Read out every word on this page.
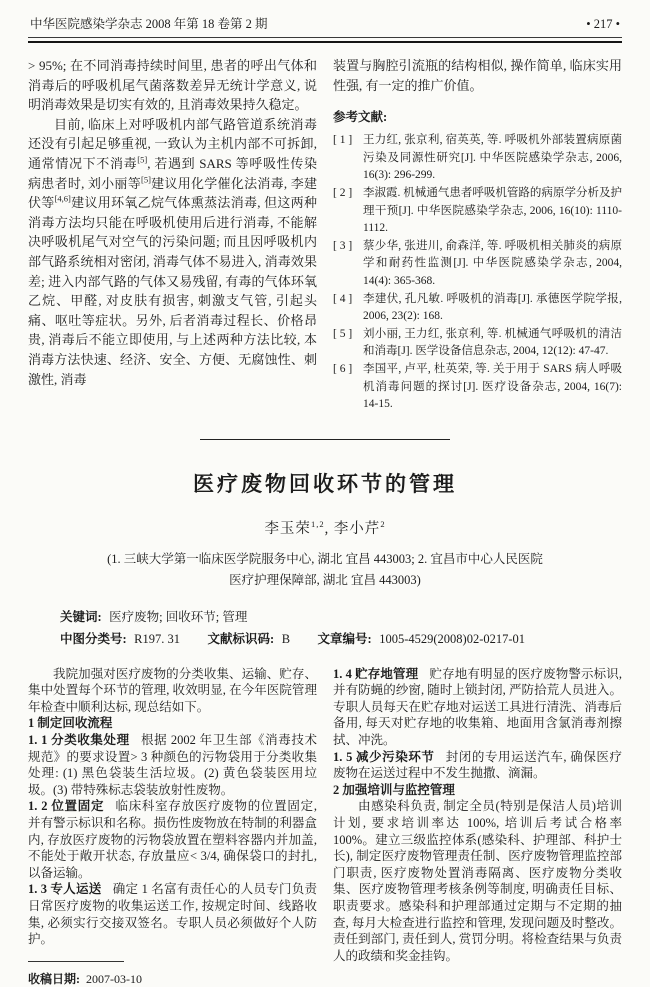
中华医院感染学杂志 2008 年第 18 卷第 2 期	• 217 •

> 95%; 在不同消毒持续时间里, 患者的呼出气体和消毒后的呼吸机尾气菌落数差异无统计学意义, 说明消毒效果是切实有效的, 且消毒效果持久稳定。

目前, 临床上对呼吸机内部气路管道系统消毒还没有引起足够重视, 一致认为主机内部不可拆卸, 通常情况下不消毒[5], 若遇到 SARS 等呼吸性传染病患者时, 刘小丽等[5]建议用化学催化法消毒, 李建伏等[4,6]建议用环氧乙烷气体熏蒸法消毒, 但这两种消毒方法均只能在呼吸机使用后进行消毒, 不能解决呼吸机尾气对空气的污染问题; 而且因呼吸机内部气路系统相对密闭, 消毒气体不易进入, 消毒效果差; 进入内部气路的气体又易残留, 有毒的气体环氧乙烷、甲醛, 对皮肤有损害, 刺激支气管, 引起头痛、呕吐等症状。另外, 后者消毒过程长、价格昂贵, 消毒后不能立即使用, 与上述两种方法比较, 本消毒方法快速、经济、安全、方便、无腐蚀性、刺激性, 消毒

装置与胸腔引流瓶的结构相似, 操作简单, 临床实用性强, 有一定的推广价值。

参考文献:
[ 1 ] 王力红, 张京利, 宿英英, 等. 呼吸机外部装置病原菌污染及同源性研究[J]. 中华医院感染学杂志, 2006, 16(3): 296-299.
[ 2 ] 李淑霞. 机械通气患者呼吸机管路的病原学分析及护理干预[J]. 中华医院感染学杂志, 2006, 16(10): 1110-1112.
[ 3 ] 蔡少华, 张进川, 俞森洋, 等. 呼吸机相关肺炎的病原学和耐药性监测[J]. 中华医院感染学杂志, 2004, 14(4): 365-368.
[ 4 ] 李建伏, 孔凡敏. 呼吸机的消毒[J]. 承德医学院学报, 2006, 23(2): 168.
[ 5 ] 刘小丽, 王力红, 张京利, 等. 机械通气呼吸机的清洁和消毒[J]. 医学设备信息杂志, 2004, 12(12): 47-47.
[ 6 ] 李国平, 卢平, 杜英荣, 等. 关于用于 SARS 病人呼吸机消毒问题的探讨[J]. 医疗设备杂志, 2004, 16(7): 14-15.
医疗废物回收环节的管理
李玉荣$^{1,2}$, 李小芹$^2$
(1. 三峡大学第一临床医学院服务中心, 湖北 宜昌 443003; 2. 宜昌市中心人民医院
医疗护理保障部, 湖北 宜昌 443003)
关键词: 医疗废物; 回收环节; 管理
中图分类号: R197. 31 文献标识码: B 文章编号: 1005-4529(2008)02-0217-01

我院加强对医疗废物的分类收集、运输、贮存、集中处置每个环节的管理, 收效明显, 在今年医院管理年检查中顺利达标, 现总结如下。

1 制定回收流程

1. 1 分类收集处理 根据 2002 年卫生部《消毒技术规范》的要求设置> 3 种颜色的污物袋用于分类收集处理: (1) 黑色袋装生活垃圾。(2) 黄色袋装医用垃圾。(3) 带特殊标志袋装放射性废物。

1. 2 位置固定 临床科室存放医疗废物的位置固定, 并有警示标识和名称。损伤性废物放在特制的利器盒内, 存放医疗废物的污物袋放置在塑料容器内并加盖, 不能处于敞开状态, 存放量应< 3/4, 确保袋口的封扎, 以备运输。

1. 3 专人运送 确定 1 名富有责任心的人员专门负责日常医疗废物的收集运送工作, 按规定时间、线路收集, 必须实行交接双签名。专职人员必须做好个人防护。

收稿日期: 2007-03-10

1. 4 贮存地管理 贮存地有明显的医疗废物警示标识, 并有防蝇的纱窗, 随时上锁封闭, 严防拾荒人员进入。专职人员每天在贮存地对运送工具进行清洗、消毒后备用, 每天对贮存地的收集箱、地面用含氯消毒剂擦拭、冲洗。

1. 5 减少污染环节 封闭的专用运送汽车, 确保医疗废物在运送过程中不发生抛撒、滴漏。

2 加强培训与监控管理

由感染科负责, 制定全员(特别是保洁人员)培训计划, 要求培训率达 100%, 培训后考试合格率 100%。建立三级监控体系(感染科、护理部、科护士长), 制定医疗废物管理责任制、医疗废物管理监控部门职责, 医疗废物处置消毒隔离、医疗废物分类收集、医疗废物管理考核条例等制度, 明确责任目标、职责要求。感染科和护理部通过定期与不定期的抽查, 每月大检查进行监控和管理, 发现问题及时整改。责任到部门, 责任到人, 赏罚分明。将检查结果与负责人的政绩和奖金挂钩。
